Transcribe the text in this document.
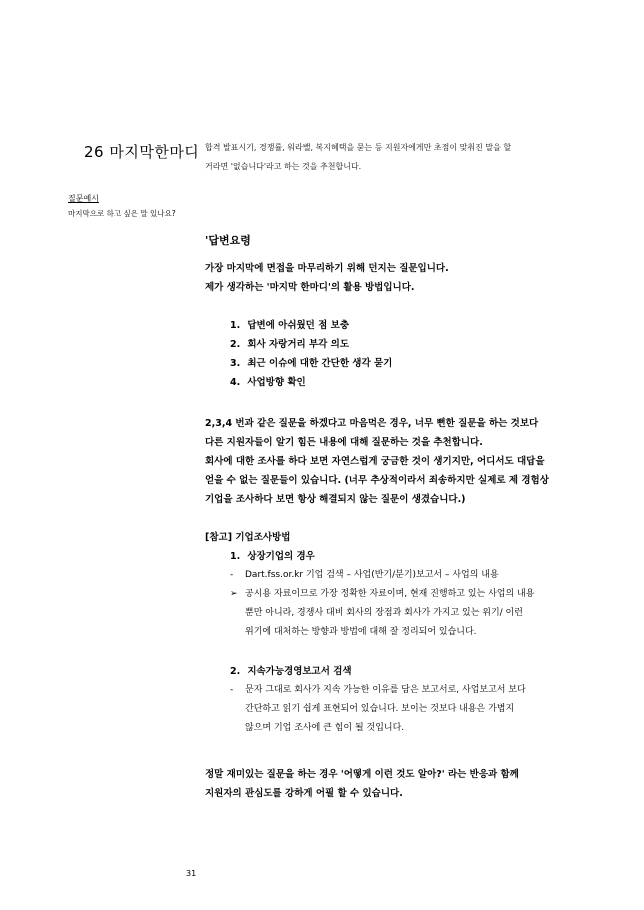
26 마지막한마디 합격 발표시기, 경쟁률, 워라밸, 복지혜택을 묻는 등 지원자에게만 초점이 맞춰진 말을 할
거라면 '없습니다'라고 하는 것을 추천합니다.
질문예시
마지막으로 하고 싶은 말 있나요?
'답변요령
가장 마지막에 면접을 마무리하기 위해 던지는 질문입니다.
제가 생각하는 '마지막 한마디'의 활용 방법입니다.
1. 답변에 아쉬웠던 점 보충
2. 회사 자랑거리 부각 의도
3. 최근 이슈에 대한 간단한 생각 묻기
4. 사업방향 확인
2,3,4 번과 같은 질문을 하겠다고 마음먹은 경우, 너무 뻔한 질문을 하는 것보다
다른 지원자들이 알기 힘든 내용에 대해 질문하는 것을 추천합니다.
회사에 대한 조사를 하다 보면 자연스럽게 궁금한 것이 생기지만, 어디서도 대답을
얻을 수 없는 질문들이 있습니다. (너무 추상적이라서 죄송하지만 실제로 제 경험상
기업을 조사하다 보면 항상 해결되지 않는 질문이 생겼습니다.)
[참고] 기업조사방법
1. 상장기업의 경우
- Dart.fss.or.kr 기업 검색 – 사업(반기/분기)보고서 – 사업의 내용
➢ 공시용 자료이므로 가장 정확한 자료이며, 현재 진행하고 있는 사업의 내용
뿐만 아니라, 경쟁사 대비 회사의 장점과 회사가 가지고 있는 위기/ 이런
위기에 대처하는 방향과 방법에 대해 잘 정리되어 있습니다.
2. 지속가능경영보고서 검색
- 문자 그대로 회사가 지속 가능한 이유를 담은 보고서로, 사업보고서 보다
간단하고 읽기 쉽게 표현되어 있습니다. 보이는 것보다 내용은 가볍지
않으며 기업 조사에 큰 힘이 될 것입니다.
정말 재미있는 질문을 하는 경우 '어떻게 이런 것도 알아?' 라는 반응과 함께
지원자의 관심도를 강하게 어필 할 수 있습니다.
31
